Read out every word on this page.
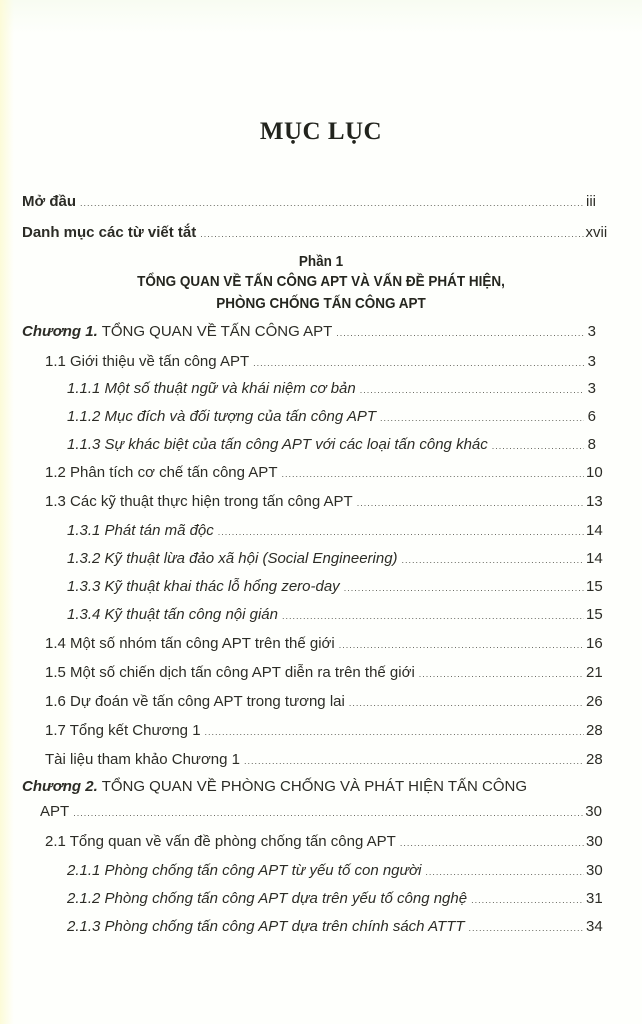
MỤC LỤC
Mở đầu .....	iii
Danh mục các từ viết tắt .....	xvii
Phần 1
TỔNG QUAN VỀ TẤN CÔNG APT VÀ VẤN ĐỀ PHÁT HIỆN,
PHÒNG CHỐNG TẤN CÔNG APT
Chương 1. TỔNG QUAN VỀ TẤN CÔNG APT .....	3
1.1 Giới thiệu về tấn công APT .....	3
1.1.1 Một số thuật ngữ và khái niệm cơ bản .....	3
1.1.2 Mục đích và đối tượng của tấn công APT .....	6
1.1.3 Sự khác biệt của tấn công APT với các loại tấn công khác .....	8
1.2 Phân tích cơ chế tấn công APT .....	10
1.3 Các kỹ thuật thực hiện trong tấn công APT .....	13
1.3.1 Phát tán mã độc .....	14
1.3.2 Kỹ thuật lừa đảo xã hội (Social Engineering) .....	14
1.3.3 Kỹ thuật khai thác lỗ hổng zero-day .....	15
1.3.4 Kỹ thuật tấn công nội gián .....	15
1.4 Một số nhóm tấn công APT trên thế giới .....	16
1.5 Một số chiến dịch tấn công APT diễn ra trên thế giới .....	21
1.6 Dự đoán về tấn công APT trong tương lai .....	26
1.7 Tổng kết Chương 1 .....	28
Tài liệu tham khảo Chương 1 .....	28
Chương 2. TỔNG QUAN VỀ PHÒNG CHỐNG VÀ PHÁT HIỆN TẤN CÔNG
APT .....	30
2.1 Tổng quan về vấn đề phòng chống tấn công APT .....	30
2.1.1 Phòng chống tấn công APT từ yếu tố con người .....	30
2.1.2 Phòng chống tấn công APT dựa trên yếu tố công nghệ .....	31
2.1.3 Phòng chống tấn công APT dựa trên chính sách ATTT .....	34
